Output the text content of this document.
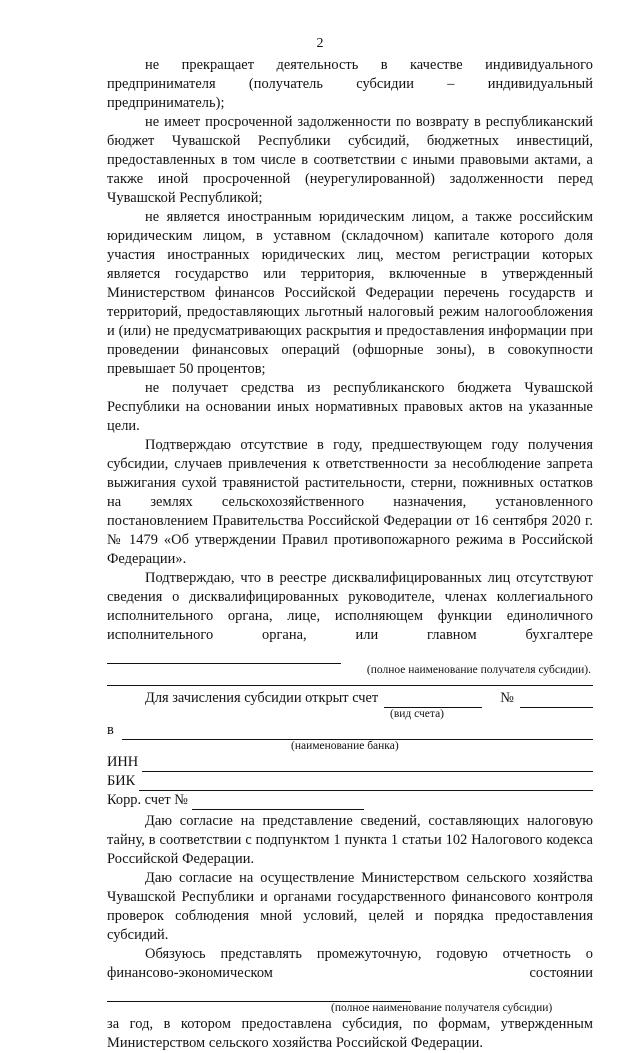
2

не прекращает деятельность в качестве индивидуального предпринимателя (получатель субсидии – индивидуальный предприниматель);

не имеет просроченной задолженности по возврату в республиканский бюджет Чувашской Республики субсидий, бюджетных инвестиций, предоставленных в том числе в соответствии с иными правовыми актами, а также иной просроченной (неурегулированной) задолженности перед Чувашской Республикой;

не является иностранным юридическим лицом, а также российским юридическим лицом, в уставном (складочном) капитале которого доля участия иностранных юридических лиц, местом регистрации которых является государство или территория, включенные в утвержденный Министерством финансов Российской Федерации перечень государств и территорий, предоставляющих льготный налоговый режим налогообложения и (или) не предусматривающих раскрытия и предоставления информации при проведении финансовых операций (офшорные зоны), в совокупности превышает 50 процентов;

не получает средства из республиканского бюджета Чувашской Республики на основании иных нормативных правовых актов на указанные цели.

Подтверждаю отсутствие в году, предшествующем году получения субсидии, случаев привлечения к ответственности за несоблюдение запрета выжигания сухой травянистой растительности, стерни, пожнивных остатков на землях сельскохозяйственного назначения, установленного постановлением Правительства Российской Федерации от 16 сентября 2020 г. № 1479 «Об утверждении Правил противопожарного режима в Российской Федерации».

Подтверждаю, что в реестре дисквалифицированных лиц отсутствуют сведения о дисквалифицированных руководителе, членах коллегиального исполнительного органа, лице, исполняющем функции единоличного исполнительного органа, или главном бухгалтере

(полное наименование получателя субсидии).
Для зачисления субсидии открыт счет	№
(вид счета)
в
(наименование банка)
ИНН
БИК
Корр. счет №

Даю согласие на представление сведений, составляющих налоговую тайну, в соответствии с подпунктом 1 пункта 1 статьи 102 Налогового кодекса Российской Федерации.

Даю согласие на осуществление Министерством сельского хозяйства Чувашской Республики и органами государственного финансового контроля проверок соблюдения мной условий, целей и порядка предоставления субсидий.

Обязуюсь представлять промежуточную, годовую отчетность о финансово-экономическом состоянии

(полное наименование получателя субсидии)

за год, в котором предоставлена субсидия, по формам, утвержденным Министерством сельского хозяйства Российской Федерации.
